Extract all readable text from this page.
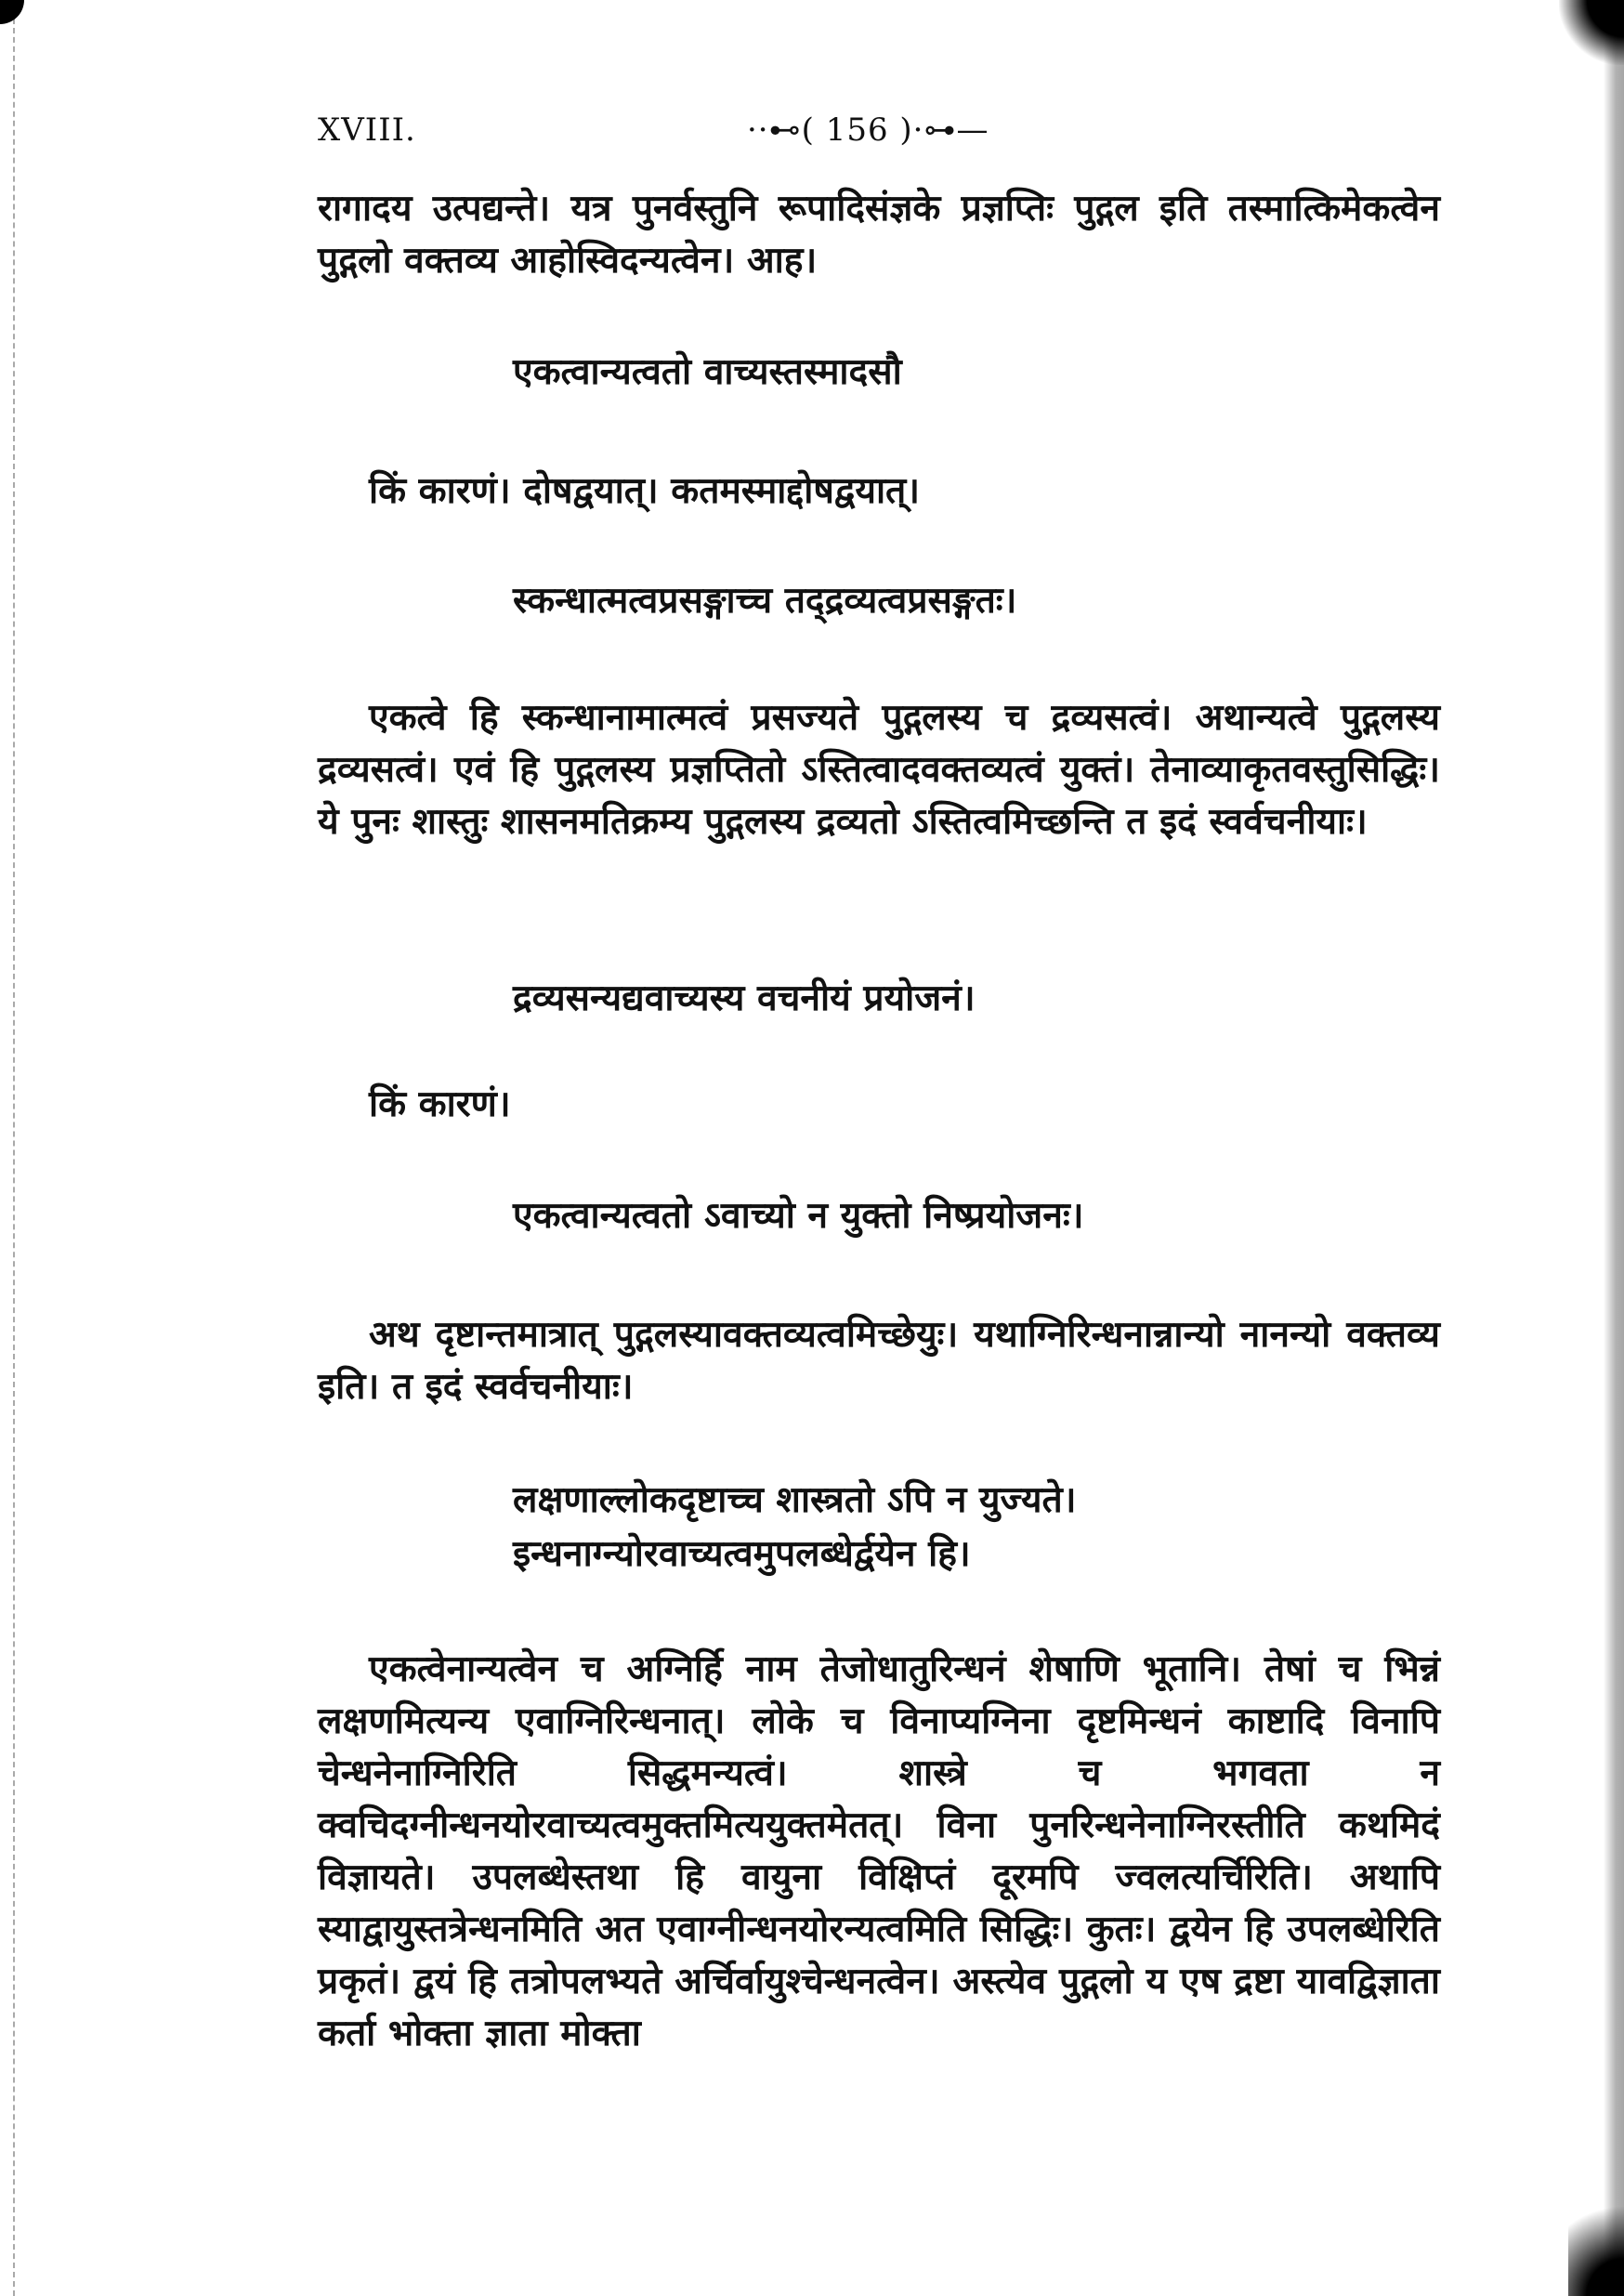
XVIII.	··⊷( 156 )·⊶—

रागादय उत्पद्यन्ते। यत्र पुनर्वस्तुनि रूपादिसंज्ञके प्रज्ञप्तिः पुद्गल इति तस्मात्किमेकत्वेन पुद्गलो वक्तव्य आहोस्विदन्यत्वेन। आह।

एकत्वान्यत्वतो वाच्यस्तस्मादसौ
किं कारणं। दोषद्वयात्। कतमस्माद्दोषद्वयात्।
स्कन्धात्मत्वप्रसङ्गाच्च तद्द्रव्यत्वप्रसङ्गतः।

एकत्वे हि स्कन्धानामात्मत्वं प्रसज्यते पुद्गलस्य च द्रव्यसत्वं। अथान्यत्वे पुद्गलस्य द्रव्यसत्वं। एवं हि पुद्गलस्य प्रज्ञप्तितो ऽस्तित्वादवक्तव्यत्वं युक्तं। तेनाव्याकृतवस्तुसिद्धिः। ये पुनः शास्तुः शासनमतिक्रम्य पुद्गलस्य द्रव्यतो ऽस्तित्वमिच्छन्ति त इदं स्वर्वचनीयाः।

द्रव्यसन्यद्यवाच्यस्य वचनीयं प्रयोजनं।
किं कारणं।
एकत्वान्यत्वतो ऽवाच्यो न युक्तो निष्प्रयोजनः।

अथ दृष्टान्तमात्रात् पुद्गलस्यावक्तव्यत्वमिच्छेयुः। यथाग्निरिन्धनान्नान्यो नानन्यो वक्तव्य इति। त इदं स्वर्वचनीयाः।

लक्षणाल्लोकदृष्टाच्च शास्त्रतो ऽपि न युज्यते।
इन्धनाग्न्योरवाच्यत्वमुपलब्धेर्द्वयेन हि।

एकत्वेनान्यत्वेन च अग्निर्हि नाम तेजोधातुरिन्धनं शेषाणि भूतानि। तेषां च भिन्नं लक्षणमित्यन्य एवाग्निरिन्धनात्। लोके च विनाप्यग्निना दृष्टमिन्धनं काष्टादि विनापि चेन्धनेनाग्निरिति सिद्धमन्यत्वं। शास्त्रे च भगवता न क्वचिदग्नीन्धनयोरवाच्यत्वमुक्तमित्ययुक्तमेतत्। विना पुनरिन्धनेनाग्निरस्तीति कथमिदं विज्ञायते। उपलब्धेस्तथा हि वायुना विक्षिप्तं दूरमपि ज्वलत्यर्चिरिति। अथापि स्याद्वायुस्तत्रेन्धनमिति अत एवाग्नीन्धनयोरन्यत्वमिति सिद्धिः। कुतः। द्वयेन हि उपलब्धेरिति प्रकृतं। द्वयं हि तत्रोपलभ्यते अर्चिर्वायुश्चेन्धनत्वेन। अस्त्येव पुद्गलो य एष द्रष्टा यावद्विज्ञाता कर्ता भोक्ता ज्ञाता मोक्ता
